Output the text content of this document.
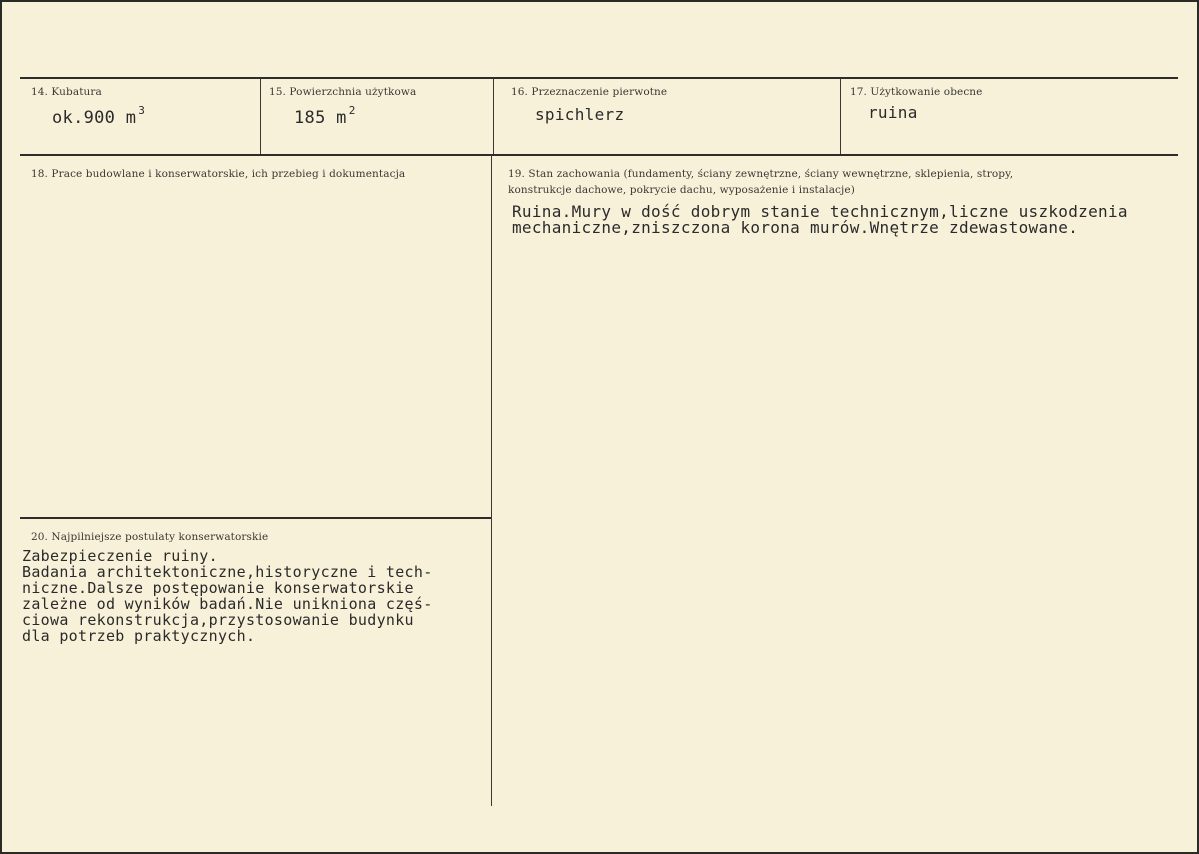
14. Kubatura
ok.900 m $^3$
15. Powierzchnia użytkowa
185 m $^2$
16. Przeznaczenie pierwotne
spichlerz
17. Użytkowanie obecne
ruina
18. Prace budowlane i konserwatorskie, ich przebieg i dokumentacja	19. Stan zachowania (fundamenty, ściany zewnętrzne, ściany wewnętrzne, sklepienia, stropy,
konstrukcje dachowe, pokrycie dachu, wyposażenie i instalacje)
Ruina.Mury w dość dobrym stanie technicznym,liczne uszkodzenia
mechaniczne,zniszczona korona murów.Wnętrze zdewastowane.
20. Najpilniejsze postulaty konserwatorskie
Zabezpieczenie ruiny.
Badania architektoniczne,historyczne i tech-
niczne.Dalsze postępowanie konserwatorskie
zależne od wyników badań.Nie unikniona częś-
ciowa rekonstrukcja,przystosowanie budynku
dla potrzeb praktycznych.
